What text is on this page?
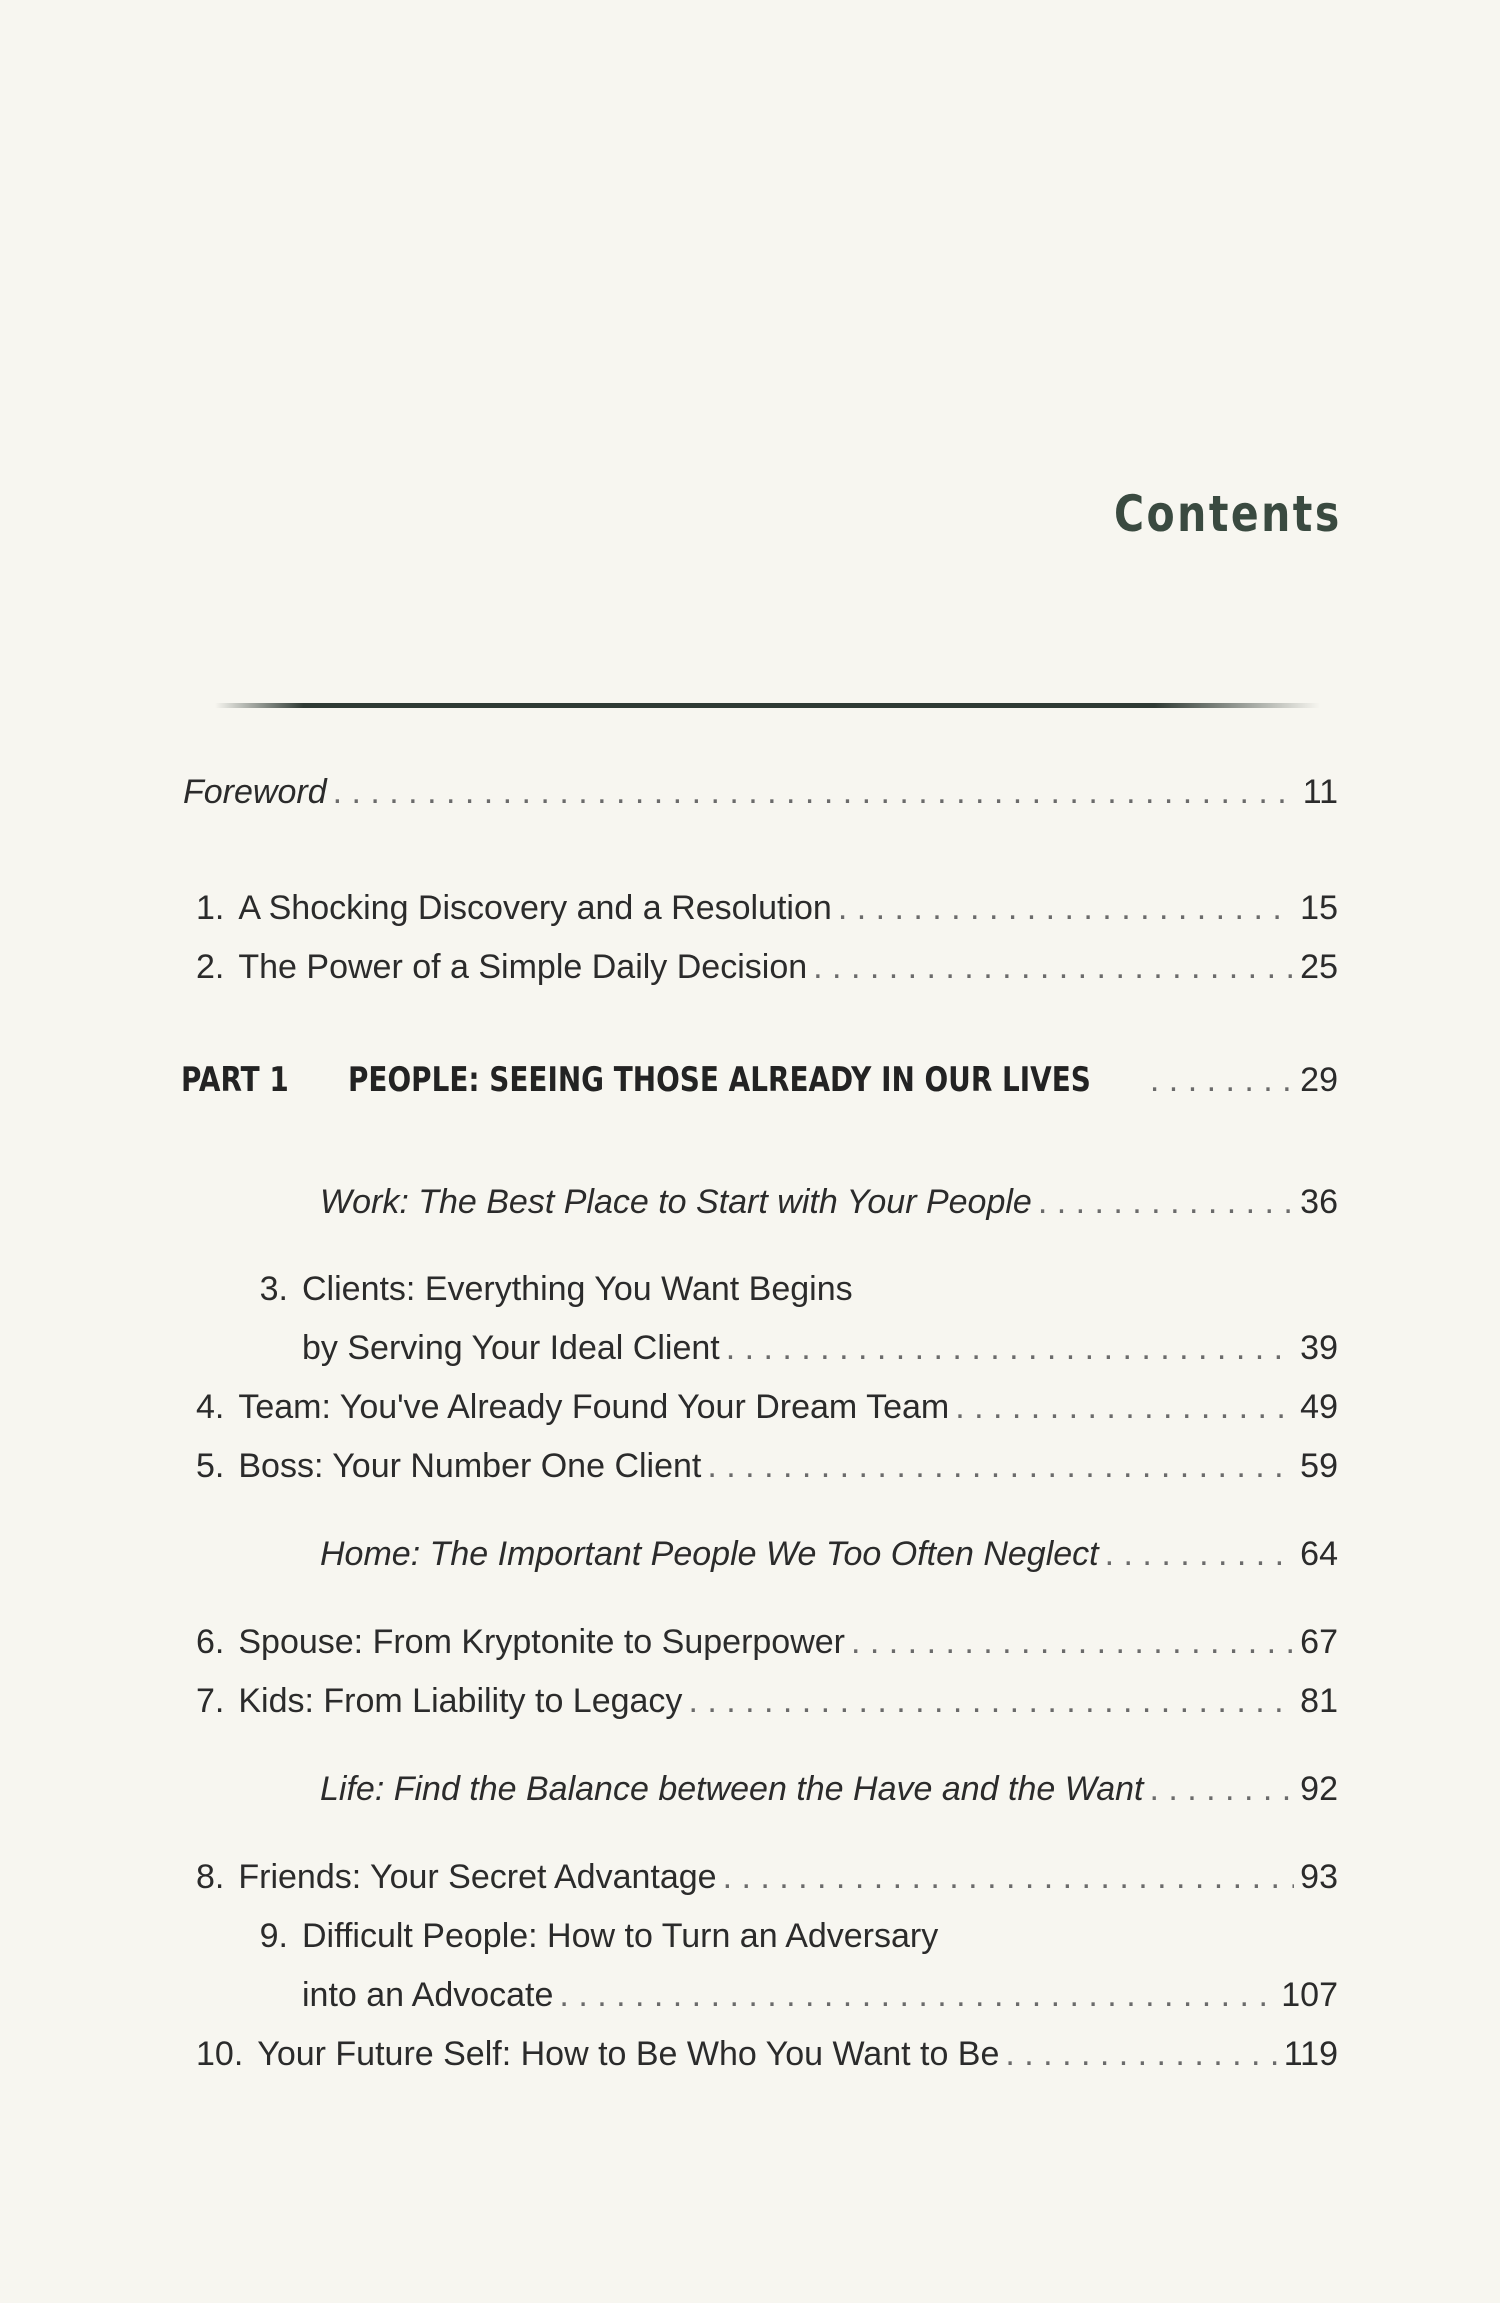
Contents
Foreword . . .	11
1. A Shocking Discovery and a Resolution . . .	15
2. The Power of a Simple Daily Decision . . .	25
PART 1 PEOPLE: SEEING THOSE ALREADY IN OUR LIVES . . .	29
Work: The Best Place to Start with Your People . . .	36
3. Clients: Everything You Want Begins
by Serving Your Ideal Client . . .	39
4. Team: You've Already Found Your Dream Team . . .	49
5. Boss: Your Number One Client . . .	59
Home: The Important People We Too Often Neglect . . .	64
6. Spouse: From Kryptonite to Superpower . . .	67
7. Kids: From Liability to Legacy . . .	81
Life: Find the Balance between the Have and the Want . . .	92
8. Friends: Your Secret Advantage . . .	93
9. Difficult People: How to Turn an Adversary
into an Advocate . . .	107
10. Your Future Self: How to Be Who You Want to Be . . .	119
